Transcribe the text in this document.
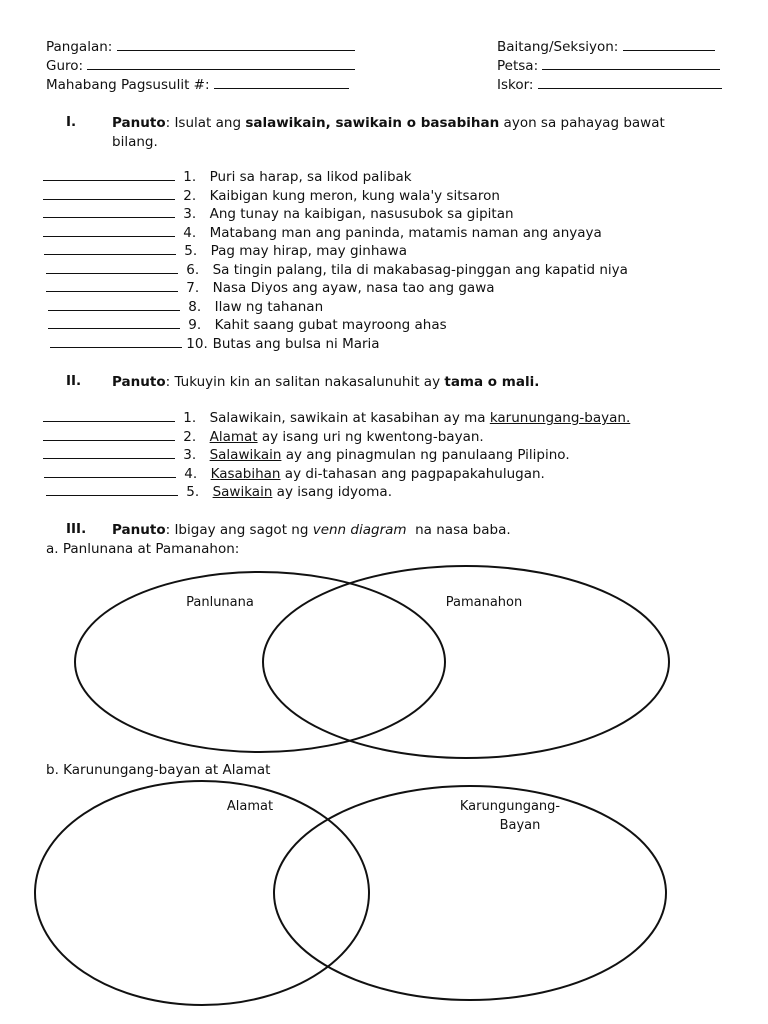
Pangalan:
Guro:
Mahabang Pagsusulit #:
Baitang/Seksiyon:
Petsa:
Iskor:
I.	Panuto: Isulat ang salawikain, sawikain o basabihan ayon sa pahayag bawat
bilang.
1. Puri sa harap, sa likod palibak
2. Kaibigan kung meron, kung wala'y sitsaron
3. Ang tunay na kaibigan, nasusubok sa gipitan
4. Matabang man ang paninda, matamis naman ang anyaya
5. Pag may hirap, may ginhawa
6. Sa tingin palang, tila di makabasag-pinggan ang kapatid niya
7. Nasa Diyos ang ayaw, nasa tao ang gawa
8. Ilaw ng tahanan
9. Kahit saang gubat mayroong ahas
10. Butas ang bulsa ni Maria
II. Panuto: Tukuyin kin an salitan nakasalunuhit ay tama o mali.
1. Salawikain, sawikain at kasabihan ay ma karunungang-bayan.
2. Alamat ay isang uri ng kwentong-bayan.
3. Salawikain ay ang pinagmulan ng panulaang Pilipino.
4. Kasabihan ay di-tahasan ang pagpapakahulugan.
5. Sawikain ay isang idyoma.
III. Panuto: Ibigay ang sagot ng venn diagram  na nasa baba.
a. Panlunana at Pamanahon:
Panlunana	Pamanahon
b. Karunungang-bayan at Alamat
Alamat	Karungungang-
Bayan
